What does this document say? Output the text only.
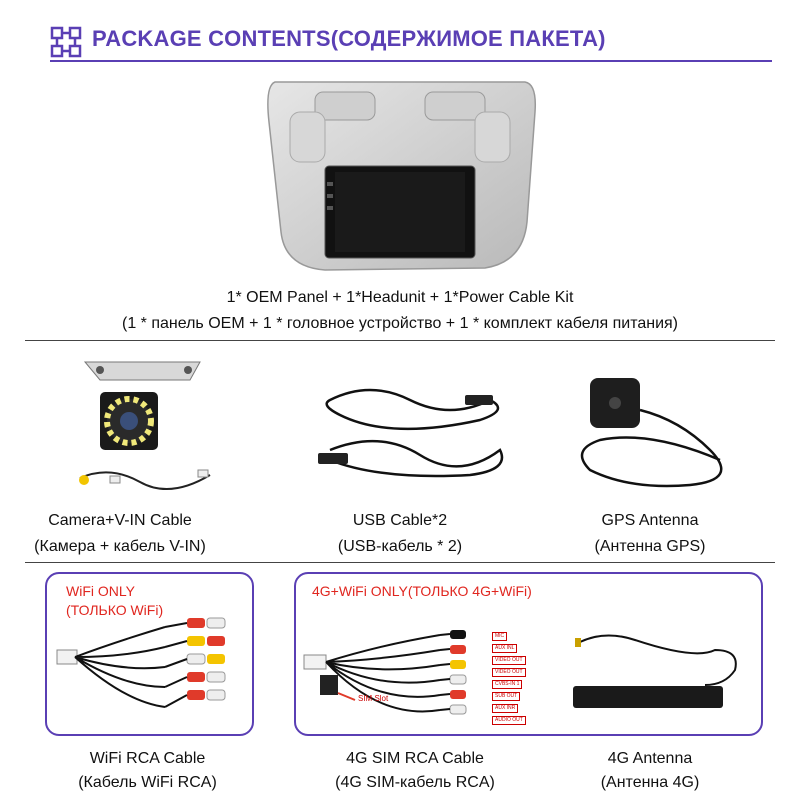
PACKAGE CONTENTS(СОДЕРЖИМОЕ ПАКЕТА)
1* OEM Panel + 1*Headunit + 1*Power Cable Kit
(1 * панель OEM + 1 * головное устройство + 1 * комплект кабеля питания)
Camera+V-IN Cable
(Камера + кабель V-IN)
USB Cable*2
(USB-кабель * 2)
GPS Antenna
(Антенна GPS)
WiFi ONLY
(ТОЛЬКО WiFi)
4G+WiFi ONLY(ТОЛЬКО 4G+WiFi)
SIM Slot
MIC
AUX INL
VIDEO OUT
VIDEO OUT
CVBS-IN 1
SUB OUT
AUX INR
AUDIO OUT
WiFi RCA Cable
(Кабель WiFi RCA)
4G SIM RCA Cable
(4G SIM-кабель RCA)
4G Antenna
(Антенна 4G)
